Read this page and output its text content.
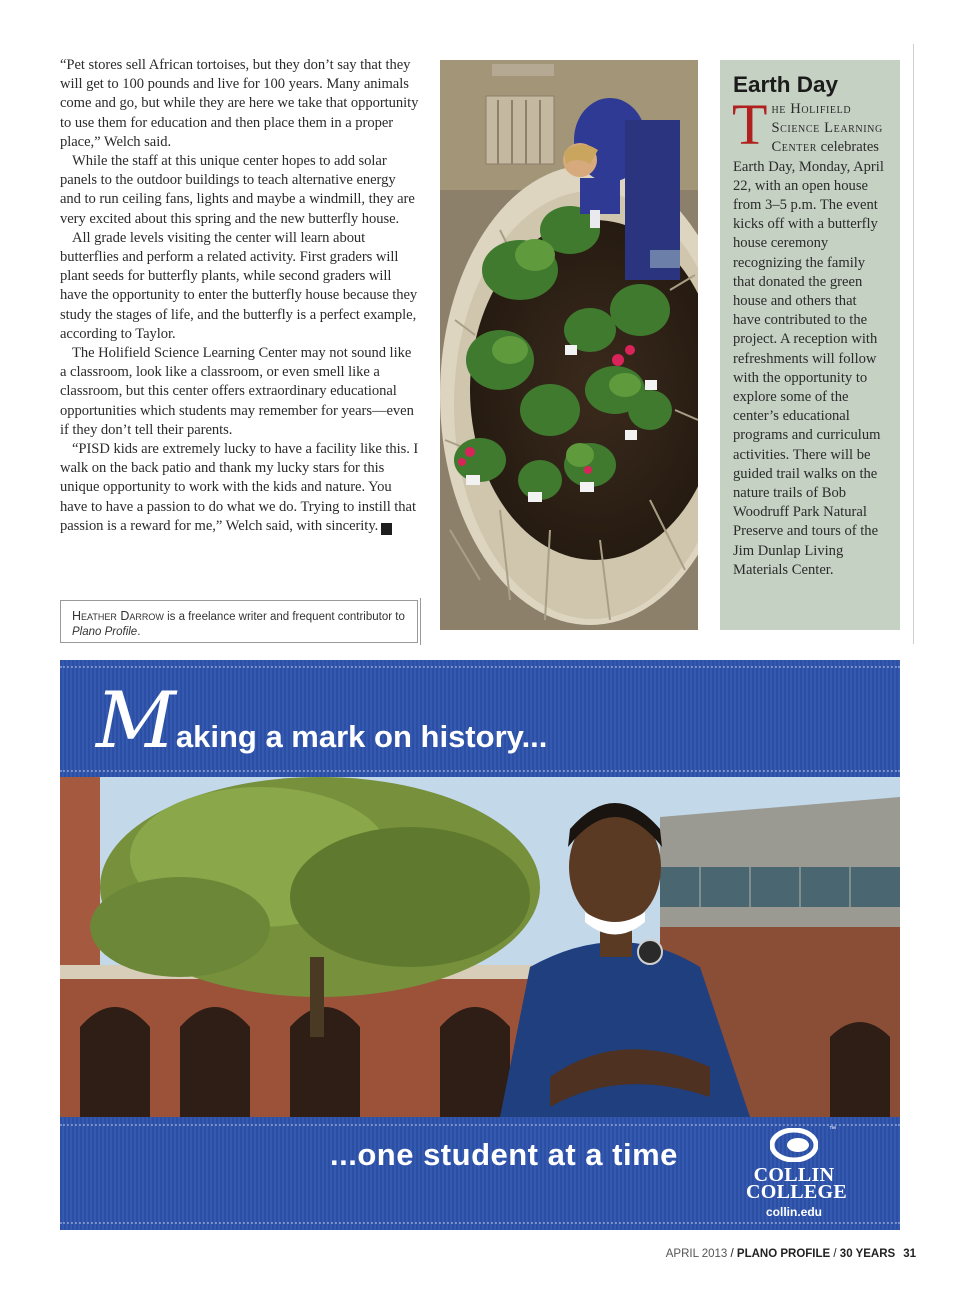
“Pet stores sell African tortoises, but they don’t say that they will get to 100 pounds and live for 100 years. Many animals come and go, but while they are here we take that opportunity to use them for education and then place them in a proper place,” Welch said.

While the staff at this unique center hopes to add solar panels to the outdoor buildings to teach alternative energy and to run ceiling fans, lights and maybe a windmill, they are very excited about this spring and the new butterfly house.

All grade levels visiting the center will learn about butterflies and perform a related activity. First graders will plant seeds for butterfly plants, while second graders will have the opportunity to enter the butterfly house because they study the stages of life, and the butterfly is a perfect example, according to Taylor.

The Holifield Science Learning Center may not sound like a classroom, look like a classroom, or even smell like a classroom, but this center offers extraordinary educational opportunities which students may remember for years—even if they don’t tell their parents.

“PISD kids are extremely lucky to have a facility like this. I walk on the back patio and thank my lucky stars for this unique opportunity to work with the kids and nature. You have to have a passion to do what we do. Trying to instill that passion is a reward for me,” Welch said, with sincerity. p

Heather Darrow is a freelance writer and frequent contributor to Plano Profile.
Earth Day
The Holifield Science Learning Center celebrates Earth Day, Monday, April 22, with an open house from 3–5 p.m. The event kicks off with a butterfly house ceremony recognizing the family that donated the green house and others that have contributed to the project. A reception with refreshments will follow with the opportunity to explore some of the center’s educational programs and curriculum activities. There will be guided trail walks on the nature trails of Bob Woodruff Park Natural Preserve and tours of the Jim Dunlap Living Materials Center.
Making a mark on history...
...one student at a time
™
COLLIN
COLLEGE
collin.edu
APRIL 2013 / PLANO PROFILE / 30 YEARS 31
